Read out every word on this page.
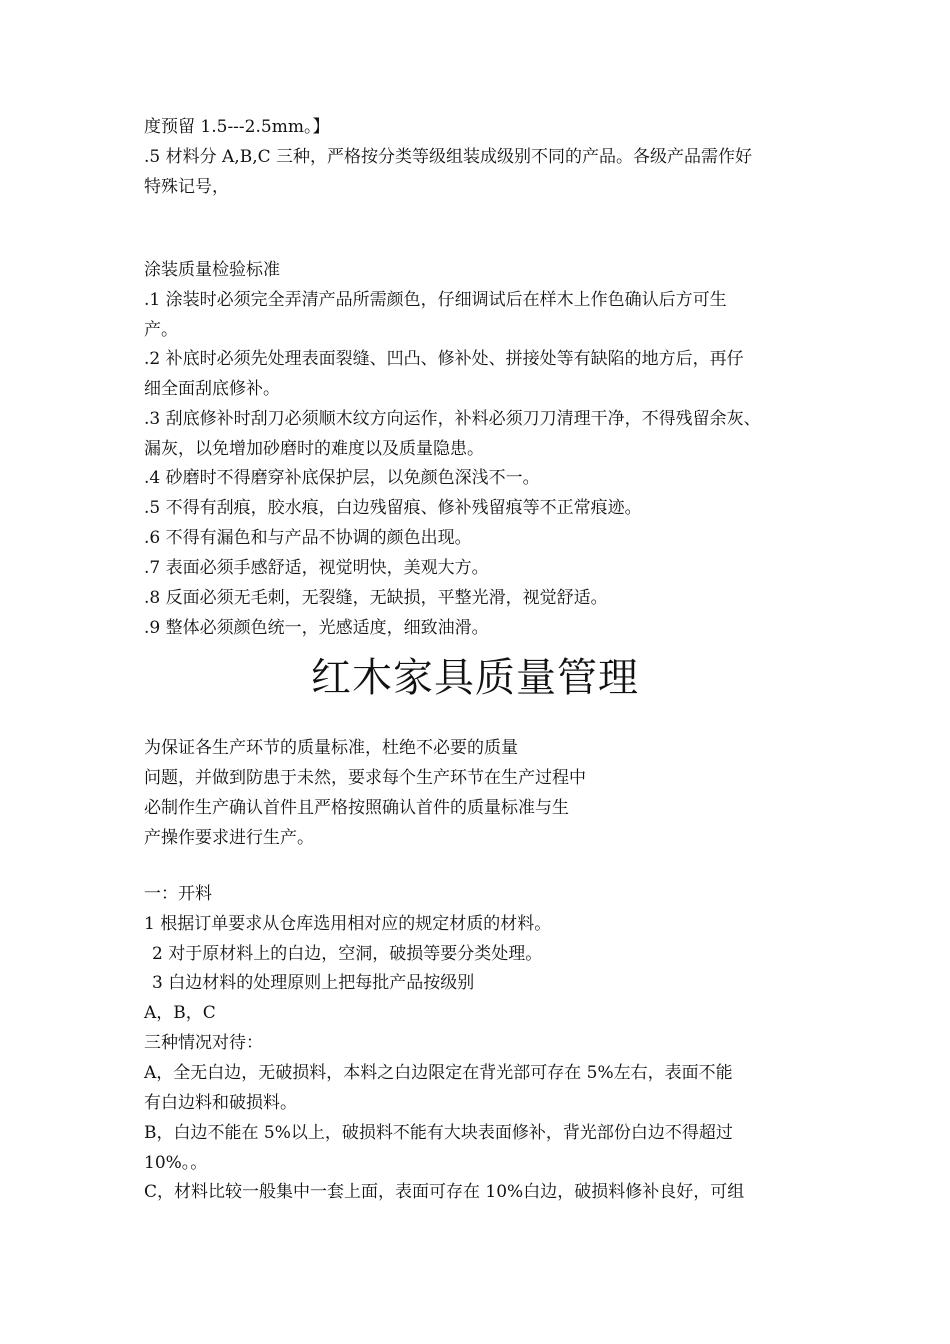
度预留 1.5---2.5mm。】

.5 材料分 A,B,C 三种，严格按分类等级组装成级别不同的产品。各级产品需作好

特殊记号，

涂装质量检验标准

.1 涂装时必须完全弄清产品所需颜色，仔细调试后在样木上作色确认后方可生

产。

.2 补底时必须先处理表面裂缝、凹凸、修补处、拼接处等有缺陷的地方后，再仔

细全面刮底修补。

.3 刮底修补时刮刀必须顺木纹方向运作，补料必须刀刀清理干净，不得残留余灰、

漏灰，以免增加砂磨时的难度以及质量隐患。

.4 砂磨时不得磨穿补底保护层，以免颜色深浅不一。

.5 不得有刮痕，胶水痕，白边残留痕、修补残留痕等不正常痕迹。

.6 不得有漏色和与产品不协调的颜色出现。

.7 表面必须手感舒适，视觉明快，美观大方。

.8 反面必须无毛刺，无裂缝，无缺损，平整光滑，视觉舒适。

.9 整体必须颜色统一，光感适度，细致油滑。

红木家具质量管理

为保证各生产环节的质量标准，杜绝不必要的质量

问题，并做到防患于未然，要求每个生产环节在生产过程中

必制作生产确认首件且严格按照确认首件的质量标准与生

产操作要求进行生产。

一：开料

1 根据订单要求从仓库选用相对应的规定材质的材料。

2 对于原材料上的白边，空洞，破损等要分类处理。

3 白边材料的处理原则上把每批产品按级别

A，B，C

三种情况对待：

A，全无白边，无破损料，本料之白边限定在背光部可存在 5%左右，表面不能

有白边料和破损料。

B，白边不能在 5%以上，破损料不能有大块表面修补，背光部份白边不得超过

10%。。

C，材料比较一般集中一套上面，表面可存在 10%白边，破损料修补良好，可组
